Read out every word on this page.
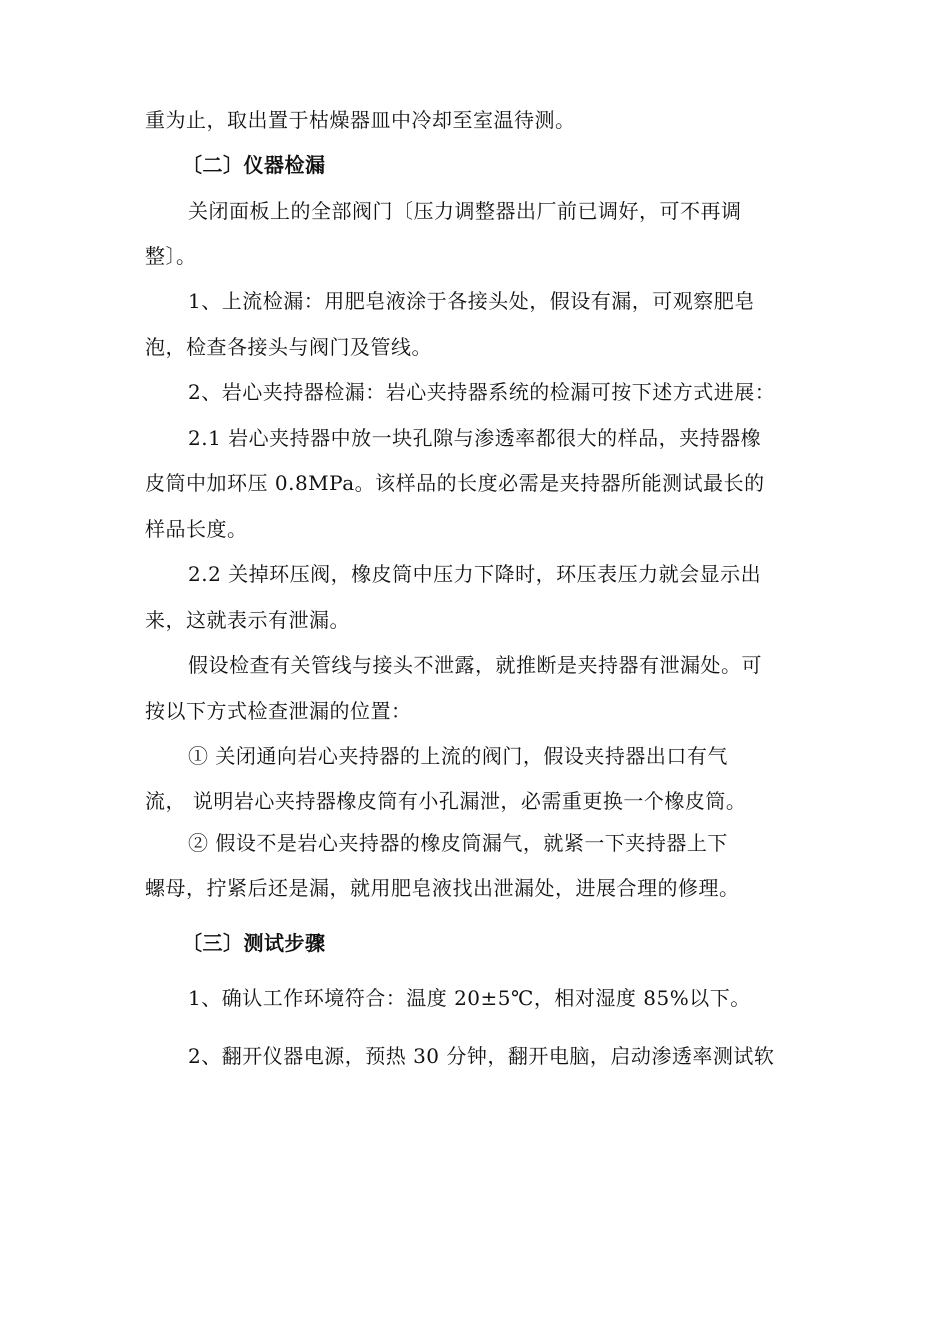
重为止，取出置于枯燥器皿中冷却至室温待测。
〔二〕仪器检漏
关闭面板上的全部阀门〔压力调整器出厂前已调好，可不再调
整〕。
1、上流检漏：用肥皂液涂于各接头处，假设有漏，可观察肥皂
泡，检查各接头与阀门及管线。
2、岩心夹持器检漏：岩心夹持器系统的检漏可按下述方式进展：
2.1 岩心夹持器中放一块孔隙与渗透率都很大的样品，夹持器橡
皮筒中加环压 0.8MPa。该样品的长度必需是夹持器所能测试最长的
样品长度。
2.2 关掉环压阀，橡皮筒中压力下降时，环压表压力就会显示出
来，这就表示有泄漏。
假设检查有关管线与接头不泄露，就推断是夹持器有泄漏处。可
按以下方式检查泄漏的位置：
① 关闭通向岩心夹持器的上流的阀门，假设夹持器出口有气
流， 说明岩心夹持器橡皮筒有小孔漏泄，必需重更换一个橡皮筒。
② 假设不是岩心夹持器的橡皮筒漏气，就紧一下夹持器上下
螺母，拧紧后还是漏，就用肥皂液找出泄漏处，进展合理的修理。
〔三〕测试步骤
1、确认工作环境符合：温度 20±5℃，相对湿度 85%以下。
2、翻开仪器电源，预热 30 分钟，翻开电脑，启动渗透率测试软
